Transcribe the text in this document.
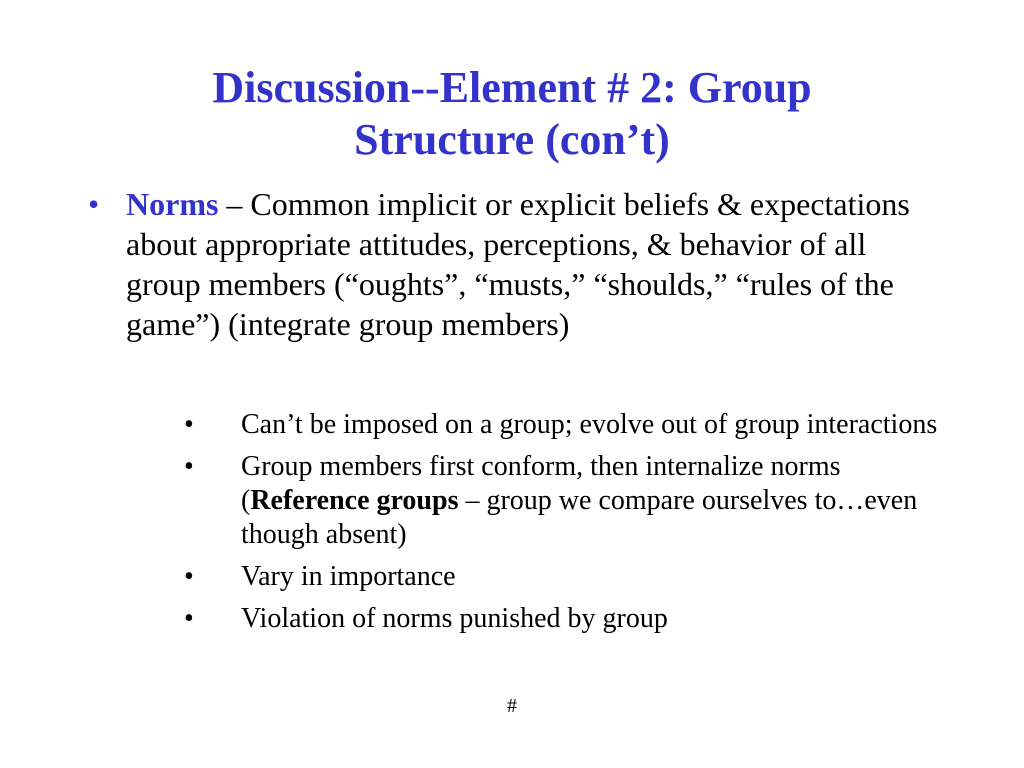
Discussion--Element # 2: Group
Structure (con’t)
• Norms – Common implicit or explicit beliefs & expectations about appropriate attitudes, perceptions, & behavior of all group members (“oughts”, “musts,” “shoulds,” “rules of the game”) (integrate group members)
• Can’t be imposed on a group; evolve out of group interactions
• Group members first conform, then internalize norms (Reference groups – group we compare ourselves to…even though absent)
• Vary in importance
• Violation of norms punished by group
#
